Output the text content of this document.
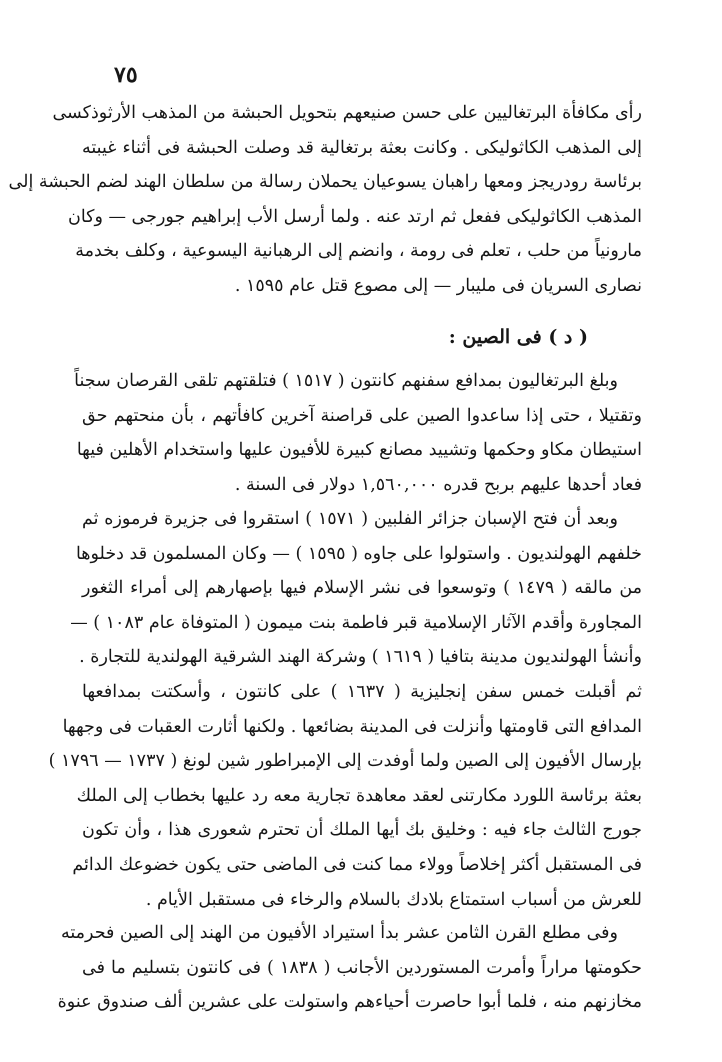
٧٥
رأى مكافأة البرتغاليين على حسن صنيعهم بتحويل الحبشة من المذهب الأرثوذكسى
إلى المذهب الكاثوليكى . وكانت بعثة برتغالية قد وصلت الحبشة فى أثناء غيبته
برئاسة رودريجز ومعها راهبان يسوعيان يحملان رسالة من سلطان الهند لضم الحبشة إلى
المذهب الكاثوليكى ففعل ثم ارتد عنه . ولما أرسل الأب إبراهيم جورجى — وكان
مارونياً من حلب ، تعلم فى رومة ، وانضم إلى الرهبانية اليسوعية ، وكلف بخدمة
نصارى السريان فى مليبار — إلى مصوع قتل عام ١٥٩٥ .
( د ) فى الصين :
وبلغ البرتغاليون بمدافع سفنهم كانتون ( ١٥١٧ ) فتلقتهم تلقى القرصان سجناً
وتقتيلا ، حتى إذا ساعدوا الصين على قراصنة آخرين كافأتهم ، بأن منحتهم حق
استيطان مكاو وحكمها وتشييد مصانع كبيرة للأفيون عليها واستخدام الأهلين فيها
فعاد أحدها عليهم بربح قدره ١,٥٦٠,٠٠٠ دولار فى السنة .
وبعد أن فتح الإسبان جزائر الفلبين ( ١٥٧١ ) استقروا فى جزيرة فرموزه ثم
خلفهم الهولنديون . واستولوا على جاوه ( ١٥٩٥ ) — وكان المسلمون قد دخلوها
من مالقه ( ١٤٧٩ ) وتوسعوا فى نشر الإسلام فيها بإصهارهم إلى أمراء الثغور
المجاورة وأقدم الآثار الإسلامية قبر فاطمة بنت ميمون ( المتوفاة عام ١٠٨٣ ) —
وأنشأ الهولنديون مدينة بتافيا ( ١٦١٩ ) وشركة الهند الشرقية الهولندية للتجارة .
ثم أقبلت خمس سفن إنجليزية ( ١٦٣٧ ) على كانتون ، وأسكتت بمدافعها
المدافع التى قاومتها وأنزلت فى المدينة بضائعها . ولكنها أثارت العقبات فى وجهها
بإرسال الأفيون إلى الصين ولما أوفدت إلى الإمبراطور شين لونغ ( ١٧٣٧ — ١٧٩٦ )
بعثة برئاسة اللورد مكارتنى لعقد معاهدة تجارية معه رد عليها بخطاب إلى الملك
جورج الثالث جاء فيه : وخليق بك أيها الملك أن تحترم شعورى هذا ، وأن تكون
فى المستقبل أكثر إخلاصاً وولاء مما كنت فى الماضى حتى يكون خضوعك الدائم
للعرش من أسباب استمتاع بلادك بالسلام والرخاء فى مستقبل الأيام .
وفى مطلع القرن الثامن عشر بدأ استيراد الأفيون من الهند إلى الصين فحرمته
حكومتها مراراً وأمرت المستوردين الأجانب ( ١٨٣٨ ) فى كانتون بتسليم ما فى
مخازنهم منه ، فلما أبوا حاصرت أحياءهم واستولت على عشرين ألف صندوق عنوة
